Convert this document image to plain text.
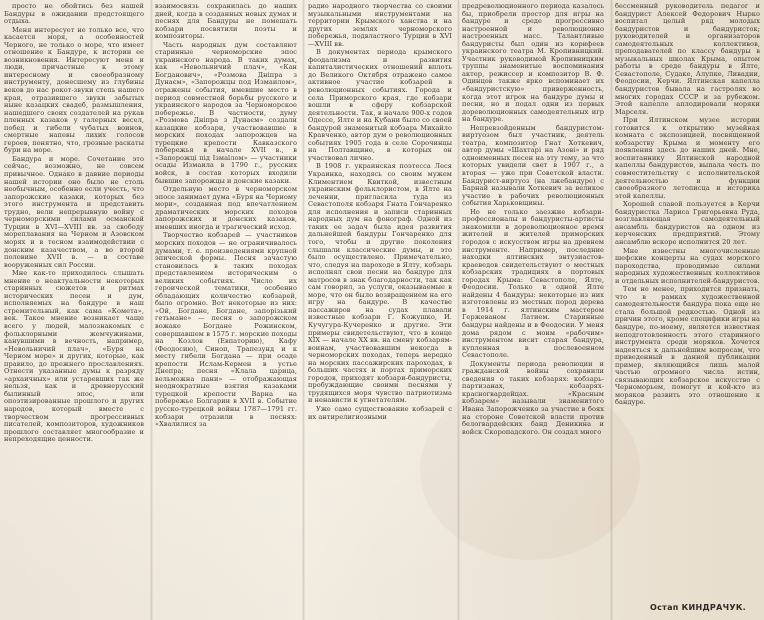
просто не обойтись без нашей Бандуры в ожидании предстоящего отдыха.

Меня интересует не только все, что касается моря, а особенностей Черного, не только о море, что имеет отношение к Бандуре, к истории ее возникновения. Интересуют меня и люди, причастные к этому интересному и своеобразному инструменту, донесшему из глубины веков до нас рокот-звуки степь нашего края, отразившего звуки забытых ныне казацких свадеб, размышления, нашедшего своих создателей на рукав пленных казаков у галерных весел, побед и гибели чубатых воинов, смертные напевы лихих голосов героев, понятно, что, грозные раскаты бури на море.

Бандура и море. Сочетание это сейчас, возможно, не совсем привычное. Однако в давние периоды нашей истории оно было не столь необычным, особенно если учесть, что запорожские казаки, которых без этого инструмента и представить трудно, вели непрерывную войну с черноморскими силами османской Турции в XVI—XVIII вв. за свободу мореплавания на Черном и Азовском морях и в тесном взаимодействии с донским казачеством, а во второй половине XVII в. — в составе вооруженных сил России.

Мне как-то приходилось слышать мнение о неактуальности некоторых старинных сюжетов и ритмах исторических песен и дум, исполняемых на бандуре в наш стремительный, как сама «Комета», век. Такое мнение возникает чаще всего у людей, малознакомых с фольклорными жемчужинами, канувшими в вечность, например, «Невольничий плач», «Буря на Черном море» и других, которые, как правило, до прежнего прославлениях. Отнести указанные думы к разряду «архаичных» или устаревших так же нельзя, как и древнерусский былинный эпос, или опоэтизированные прошлого и других народов, который вместе с творчеством прогрессивных писателей, композиторов, художников прошлого составляет многообразие и непреходящие ценности.

взаимосвязь сохранилась до наших дней, когда в созданных новых думах и песнях для Бандуры не помешать кобзари посвятили поэты и композиторы.

Часть народных дум составляют старинные черноморские эпос украинского народа. В таких думах, как «Невольничий плач», «Кан Богданович», «Розмова Дніпра з Дунаєм», «Запорожцы под Измаилом», отражены события, имевшие место в период совместной борьбы русского и украинского народов за Черноморское побережье. В частности, думу «Розмова Дніпра з Дунаєм» создали казацкие кобзари, участвовавшие в морских походах запорожцев на турецкие крепости Кавказского побережья в начале XVII в., в «Запорожці під Ізмаїлом» — участники осады Измаила в 1790 г., русских войск, в состав которых входили бывшие запорожцы и донские казаки.

Отдельную место в черноморском эпосе занимает дума «Буря на Черному мори», созданная под впечатлением драматических морских походов запорожских и донских казаков, имевших иногда и трагический исход.

Творчество кобзарей — участников морских походов — не ограничивалось думами, т. е. произведениями крупной эпической формы. Песня зачастую становилась в таких походах представлением историческим о великих событиях. Число их героической тематики, особенно обладающих количество кобзарей, было огромно. Вот некоторые из них: «Ой, Богдане, Богдане, запорізький гетьмане» — песня о запорожском вожаке Богдане Рожинском, совершавшем в 1575 г. морские походы на Козлов (Евпаторию), Кафу (Феодосию), Синоп, Трапезунд и к месту гибели Богдана — при осаде крепости Ислам-Кермен в устье Днепра; песня «Клала царица, вельможна пани» — отображающая неоднократные взятия казаками турецкой крепости Варна на побережье Болгарии в XVII в. Событие русско-турецкой войны 1787—1791 гг. кобзари отразили в песнях: «Хвалилися за

радио народного творчества со своими музыкальными инструментами на территории Крымского ханства и на других землях черноморского побережья, подвластного Турции в XVI—XVIII вв.

В документах периода крымского феодализма и развития капиталистических отношений вплоть до Великого Октября отражено самое активное участие кобзарей в революционных событиях. Города и села Приморского края, где кобзари вошли в сферу кобзарской деятельности. Так, в начале 900-х годов Одессе, Ялте и на Кубани было со своей бандурой знаменитый кобзарь Михайло Кравченко, автор дум о революционных событиях 1905 года в селе Сорочинцы на Полтавщине, в которых он участвовал лично.

В 1908 г. украинская поэтесса Леся Украинка, находясь со своим мужем Климентием Квиткой, известным украинским фольклористом, в Ялте на лечении, пригласила туда из Севастополя кобзаря Гната Гончаренко для исполнения и записи старинных народных дум на фонограф. Одной из таких ее задач была идея развития дальнейшей бандуры Гончаренко для того, чтобы и другие поколения слышали классические думы, и это было осуществлено. Примечательно, что, следуя на пароходе в Ялту, кобзарь исполнял свои песни на бандуре для матросов в знак благодарности, так как сам говорил, за услуги, оказываемые в море, что он было возвращением на его игру на бандуре. В качестве пассажиров на судах плавали известные кобзари Г. Кожушко, И. Кучугура-Кучеренко и другие. Эти примеры свидетельствуют, что в конце XIX — начале XX вв. на смену кобзарям-воинам, участвовавшим некогда в черноморских походах, теперь нередко на морских пассажирских пароходах, в больших частях и портах приморских городов, приходят кобзари-бандуристы, пробуждающие своими песнями у трудящихся моря чувство патриотизма и ненависти к угнетателям.

Уже само существование кобзарей с их антирелигиозными

предреволюционного периода казалось бы, приобрели простор для игры на бандуре и среде прогрессивно настроенной и революционно настроенных масс. Талантливые бандуристы был один из корифеев украинского театра М. Кропивницкий. Участник руководимой Кропивницким труппы знаменитые воспоминания актер, режиссер и композитор В. Ф. Одинцов также ярко вспоминает их «бандуристскую» приверженность, когда этот игрок на бандуре думы и песни, но и подал одни из первых дореволюционных самодеятельных игр на бандуре.

Непревзойденным бандуристом-виртуозом был участник, деятель театра, композитор Гнат Хоткевич, автор думы «Шахтарі на Азові» и ряд одноименных песен на эту тему, за что которых увидели свет в 1907 г., а вторая — уже при Советской власти. Бандурист-виртуоз (на лжебандуре) с Барнай называли Хоткевич за великое участие в рабочих революционных события Харьковщины.

Но не только заезжие кобзари-профессионалы и бандуристы-артисты знакомили в дореволюционное время жителей и жителей приморских городов с искусством игры на древнем инструменте. Например, последние находки ялтинских энтузиастов-краеведов свидетельствуют о местных кобзарских традициях в портовых городах Крыма: Севастополе, Ялте, Феодосии. Только в одной Ялте найдены 4 бандуры: некоторые из них изготовлены из местных пород дерева в 1914 г. ялтинским мастером Гержеваном Латием. Старинные бандуры найдены и в Феодосии. У меня дома рядом с моим «рабочим» инструментом висит старая бандура, купленная в послевоенном Севастополе.

Документы периода революции и гражданской войны сохранили сведения о таких кобзарях: кобзарь-партизанах, кобзарях-красногвардейцах. «Красным кобзарем» называли знаменитого Ивана Запорожченко за участие в боях на стороне Советской власти против белогвардейских банд Деникина и войск Скоропадского. Он создал много

бессменный руководитель педагог и бандурист Алексей Федорович Нырко воспитал целый ряд молодых бандуристов и бандуристок; руководителей и организаторов самодеятельных коллективов, преподавателей по классу бандуры в музыкальных школах Крыма, опытом работы в среде бандуры в Ялте, Севастополе, Судаке, Алупке, Ливадии, Феодосии, Керчи. Ялтинская капелла бандуристов бывала на гастролях во многих городах СССР и за рубежом. Этой капелле аплодировали моряки Марселя.

При Ялтинском музее истории готовится к открытию музейная комната с экспозицией, посвященной кобзарству Крыма и моменту его появления здесь до наших дней. Мне, воспитаннику Ялтинской народной капеллы бандуристов, выпала честь по совместительству с исполнительской деятельностью и функции своеобразного летописца и историка этой капеллы.

Хорошей славой пользуется в Керчи бандуристка Лариса Григорьевна Руда, возглавляющая самодеятельный ансамбль бандуристов на одном из керченских предприятий. Этому ансамблю вскоре исполнится 20 лет.

Мне известны многочисленные шефские концерты на судах морского пароходства, проводимые силами народных художественных коллективов и отдельных исполнителей-бандуристов.

Тем не менее, приходится признать, что в рамках художественной самодеятельности бандура пока еще не стала большой редкостью. Одной из причин этого, кроме специфики игры на бандуре, по-моему, является известная неподготовленность этого старинного инструмента среди моряков. Хочется надеяться к дальнейшим вопросам, что приведенный в данной публикации пример, являющийся лишь малой частью огромного числа истин, связывающих кобзарское искусство с Черноморьем, помогут и кой-кто из моряков развить это отношение к бандуре.

Остап КИНДРАЧУК.
